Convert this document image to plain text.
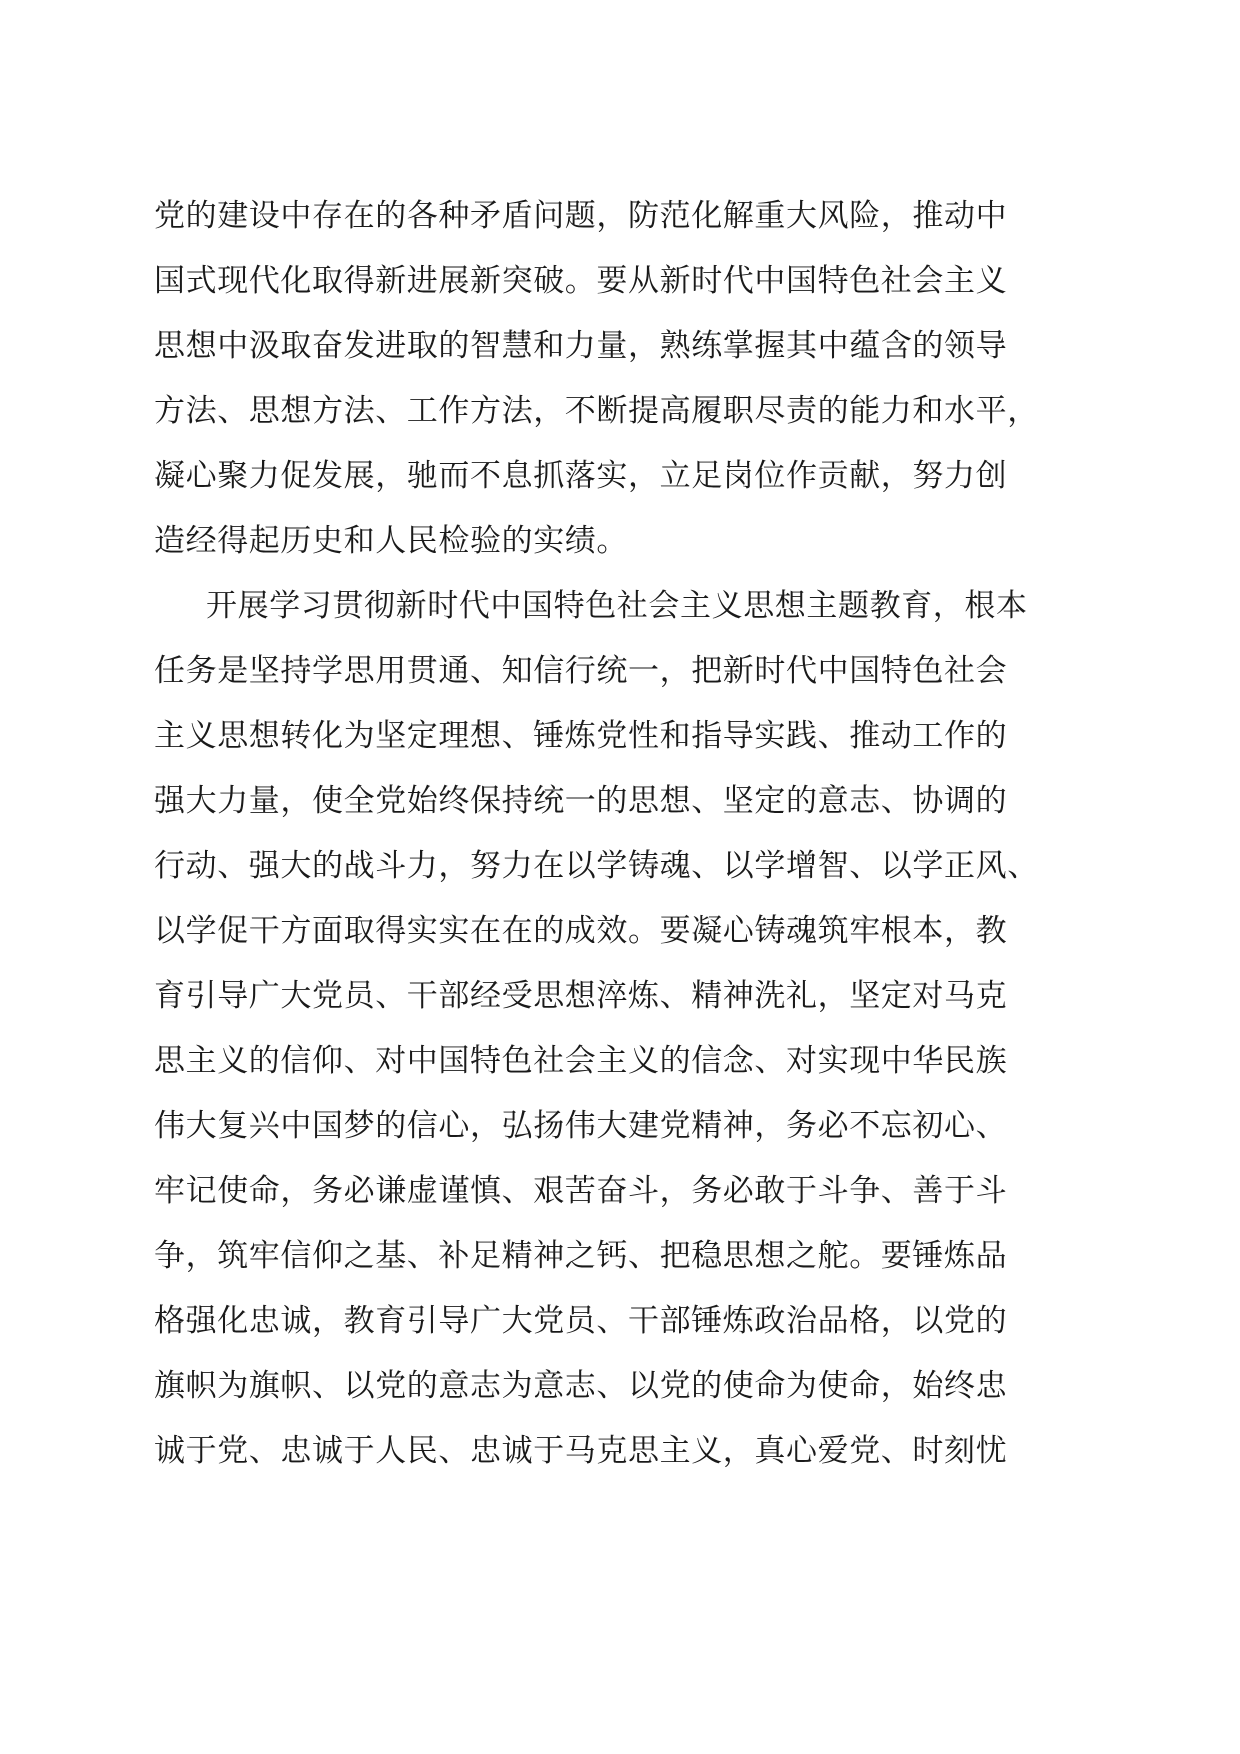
党的建设中存在的各种矛盾问题，防范化解重大风险，推动中
国式现代化取得新进展新突破。要从新时代中国特色社会主义
思想中汲取奋发进取的智慧和力量，熟练掌握其中蕴含的领导
方法、思想方法、工作方法，不断提高履职尽责的能力和水平，
凝心聚力促发展，驰而不息抓落实，立足岗位作贡献，努力创
造经得起历史和人民检验的实绩。
开展学习贯彻新时代中国特色社会主义思想主题教育，根本
任务是坚持学思用贯通、知信行统一，把新时代中国特色社会
主义思想转化为坚定理想、锤炼党性和指导实践、推动工作的
强大力量，使全党始终保持统一的思想、坚定的意志、协调的
行动、强大的战斗力，努力在以学铸魂、以学增智、以学正风、
以学促干方面取得实实在在的成效。要凝心铸魂筑牢根本，教
育引导广大党员、干部经受思想淬炼、精神洗礼，坚定对马克
思主义的信仰、对中国特色社会主义的信念、对实现中华民族
伟大复兴中国梦的信心，弘扬伟大建党精神，务必不忘初心、
牢记使命，务必谦虚谨慎、艰苦奋斗，务必敢于斗争、善于斗
争，筑牢信仰之基、补足精神之钙、把稳思想之舵。要锤炼品
格强化忠诚，教育引导广大党员、干部锤炼政治品格，以党的
旗帜为旗帜、以党的意志为意志、以党的使命为使命，始终忠
诚于党、忠诚于人民、忠诚于马克思主义，真心爱党、时刻忧
